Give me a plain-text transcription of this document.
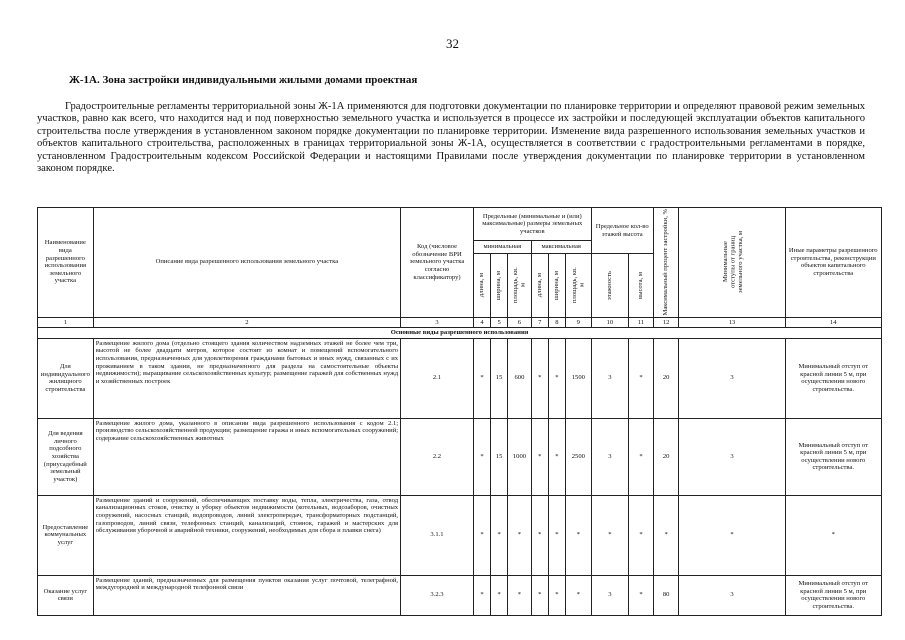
32
Ж-1А. Зона застройки индивидуальными жилыми домами проектная

Градостроительные регламенты территориальной зоны Ж-1А применяются для подготовки документации по планировке территории и определяют правовой режим земельных участков, равно как всего, что находится над и под поверхностью земельного участка и используется в процессе их застройки и последующей эксплуатации объектов капитального строительства после утверждения в установленном законом порядке документации по планировке территории. Изменение вида разрешенного использования земельных участков и объектов капитального строительства, расположенных в границах территориальной зоны Ж-1А, осуществляется в соответствии с градостроительными регламентами в порядке, установленном Градостроительным кодексом Российской Федерации и настоящими Правилами после утверждения документации по планировке территории в установленном законом порядке.

Наименование вида разрешенного использования земельного участка	Описание вида разрешенного использования земельного участка	Код (числовое обозначение ВРИ земельного участка согласно классификатору)	Предельные (минимальные и (или) максимальные) размеры земельных участков						Предельное кол-во этажей высота		Максимальный процент застройки, %	Минимальные отступы от границ земельного участка, м	Иные параметры разрешенного строительства, реконструкции объектов капитального строительства
			минимальная			максимальная							

			длина, м	ширина, м	площадь, кв. м	длина, м	ширина, м	площадь, кв. м	этажность	высота, м			

1	2	3	4	5	6	7	8	9	10	11	12	13	14
Основные виды разрешенного использования													
Для индивидуального жилищного строительства	Размещение жилого дома (отдельно стоящего здания количеством надземных этажей не более чем три, высотой не более двадцати метров, которое состоит из комнат и помещений вспомогательного использования, предназначенных для удовлетворения гражданами бытовых и иных нужд, связанных с их проживанием в таком здании, не предназначенного для раздела на самостоятельные объекты недвижимости); выращивание сельскохозяйственных культур; размещение гаражей для собственных нужд и хозяйственных построек	2.1	*	15	600	*	*	1500	3	*	20	3	Минимальный отступ от красной линии 5 м, при осуществлении нового строительства.
Для ведения личного подсобного хозяйства (приусадебный земельный участок)	Размещение жилого дома, указанного в описании вида разрешенного использования с кодом 2.1; производство сельскохозяйственной продукции; размещение гаража и иных вспомогательных сооружений; содержание сельскохозяйственных животных	2.2	*	15	1000	*	*	2500	3	*	20	3	Минимальный отступ от красной линии 5 м, при осуществлении нового строительства.
Предоставление коммунальных услуг	Размещение зданий и сооружений, обеспечивающих поставку воды, тепла, электричества, газа, отвод канализационных стоков, очистку и уборку объектов недвижимости (котельных, водозаборов, очистных сооружений, насосных станций, водопроводов, линий электропередач, трансформаторных подстанций, газопроводов, линий связи, телефонных станций, канализаций, стоянок, гаражей и мастерских для обслуживания уборочной и аварийной техники, сооружений, необходимых для сбора и плавки снега)	3.1.1	*	*	*	*	*	*	*	*	*	*	*
Оказание услуг связи	Размещение зданий, предназначенных для размещения пунктов оказания услуг почтовой, телеграфной, междугородней и международной телефонной связи	3.2.3	*	*	*	*	*	*	3	*	80	3	Минимальный отступ от красной линии 5 м, при осуществлении нового строительства.
